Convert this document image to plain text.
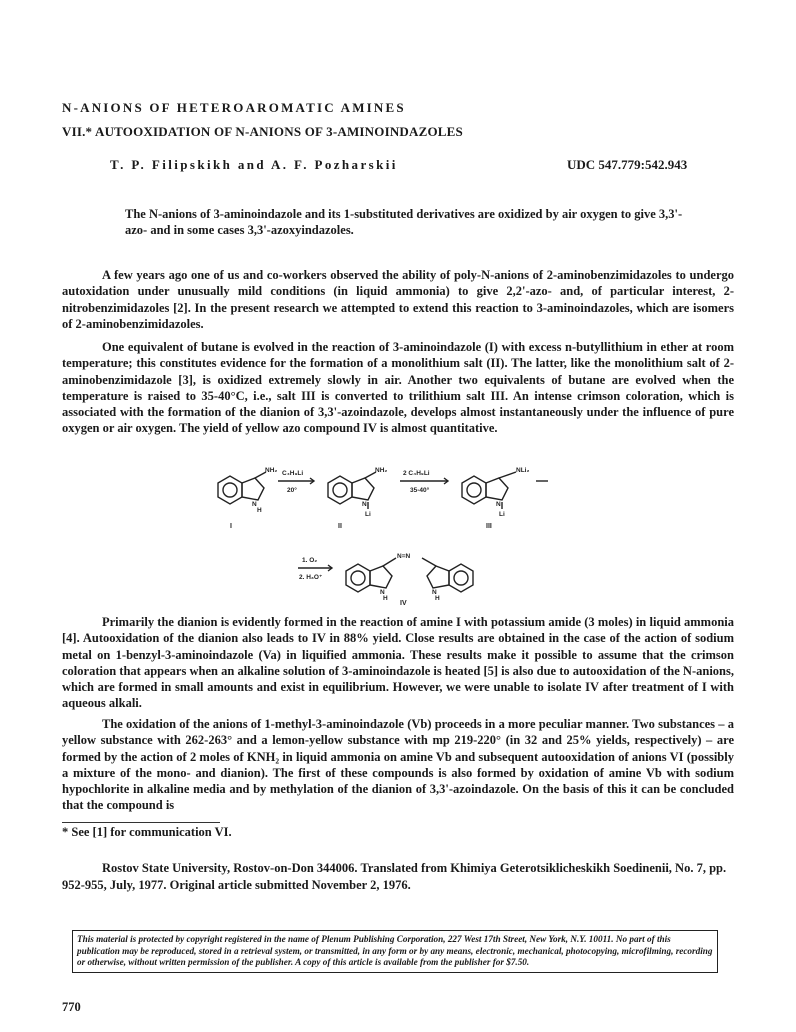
N-ANIONS OF HETEROAROMATIC AMINES
VII.* AUTOOXIDATION OF N-ANIONS OF 3-AMINOINDAZOLES
T. P. Filipskikh and A. F. Pozharskii	UDC 547.779:542.943
The N-anions of 3-aminoindazole and its 1-substituted derivatives are oxidized by air oxygen to give 3,3'-azo- and in some cases 3,3'-azoxyindazoles.
A few years ago one of us and co-workers observed the ability of poly-N-anions of 2-aminobenzimidazoles to undergo autoxidation under unusually mild conditions (in liquid ammonia) to give 2,2'-azo- and, of particular interest, 2-nitrobenzimidazoles [2]. In the present research we attempted to extend this reaction to 3-aminoindazoles, which are isomers of 2-aminobenzimidazoles.
One equivalent of butane is evolved in the reaction of 3-aminoindazole (I) with excess n-butyllithium in ether at room temperature; this constitutes evidence for the formation of a monolithium salt (II). The latter, like the monolithium salt of 2-aminobenzimidazole [3], is oxidized extremely slowly in air. Another two equivalents of butane are evolved when the temperature is raised to 35-40°C, i.e., salt III is converted to trilithium salt III. An intense crimson coloration, which is associated with the formation of the dianion of 3,3'-azoindazole, develops almost instantaneously under the influence of pure oxygen or air oxygen. The yield of yellow azo compound IV is almost quantitative.
NH₂
N
H
C₄H₉Li
20°
NH₂
N
Li
2 C₄H₉Li
35-40°
NLi₂
N
Li
1. O₂
2. H₃O⁺
N=N
N
H
N
H
I	II	III
IV
Primarily the dianion is evidently formed in the reaction of amine I with potassium amide (3 moles) in liquid ammonia [4]. Autooxidation of the dianion also leads to IV in 88% yield. Close results are obtained in the case of the action of sodium metal on 1-benzyl-3-aminoindazole (Va) in liquified ammonia. These results make it possible to assume that the crimson coloration that appears when an alkaline solution of 3-aminoindazole is heated [5] is also due to autooxidation of the N-anions, which are formed in small amounts and exist in equilibrium. However, we were unable to isolate IV after treatment of I with aqueous alkali.
The oxidation of the anions of 1-methyl-3-aminoindazole (Vb) proceeds in a more peculiar manner. Two substances – a yellow substance with 262-263° and a lemon-yellow substance with mp 219-220° (in 32 and 25% yields, respectively) – are formed by the action of 2 moles of KNH₂ in liquid ammonia on amine Vb and subsequent autooxidation of anions VI (possibly a mixture of the mono- and dianion). The first of these compounds is also formed by oxidation of amine Vb with sodium hypochlorite in alkaline media and by methylation of the dianion of 3,3'-azoindazole. On the basis of this it can be concluded that the compound is
* See [1] for communication VI.
Rostov State University, Rostov-on-Don 344006. Translated from Khimiya Geterotsiklicheskikh Soedinenii, No. 7, pp. 952-955, July, 1977. Original article submitted November 2, 1976.
This material is protected by copyright registered in the name of Plenum Publishing Corporation, 227 West 17th Street, New York, N.Y. 10011. No part of this publication may be reproduced, stored in a retrieval system, or transmitted, in any form or by any means, electronic, mechanical, photocopying, microfilming, recording or otherwise, without written permission of the publisher. A copy of this article is available from the publisher for $7.50.
770
